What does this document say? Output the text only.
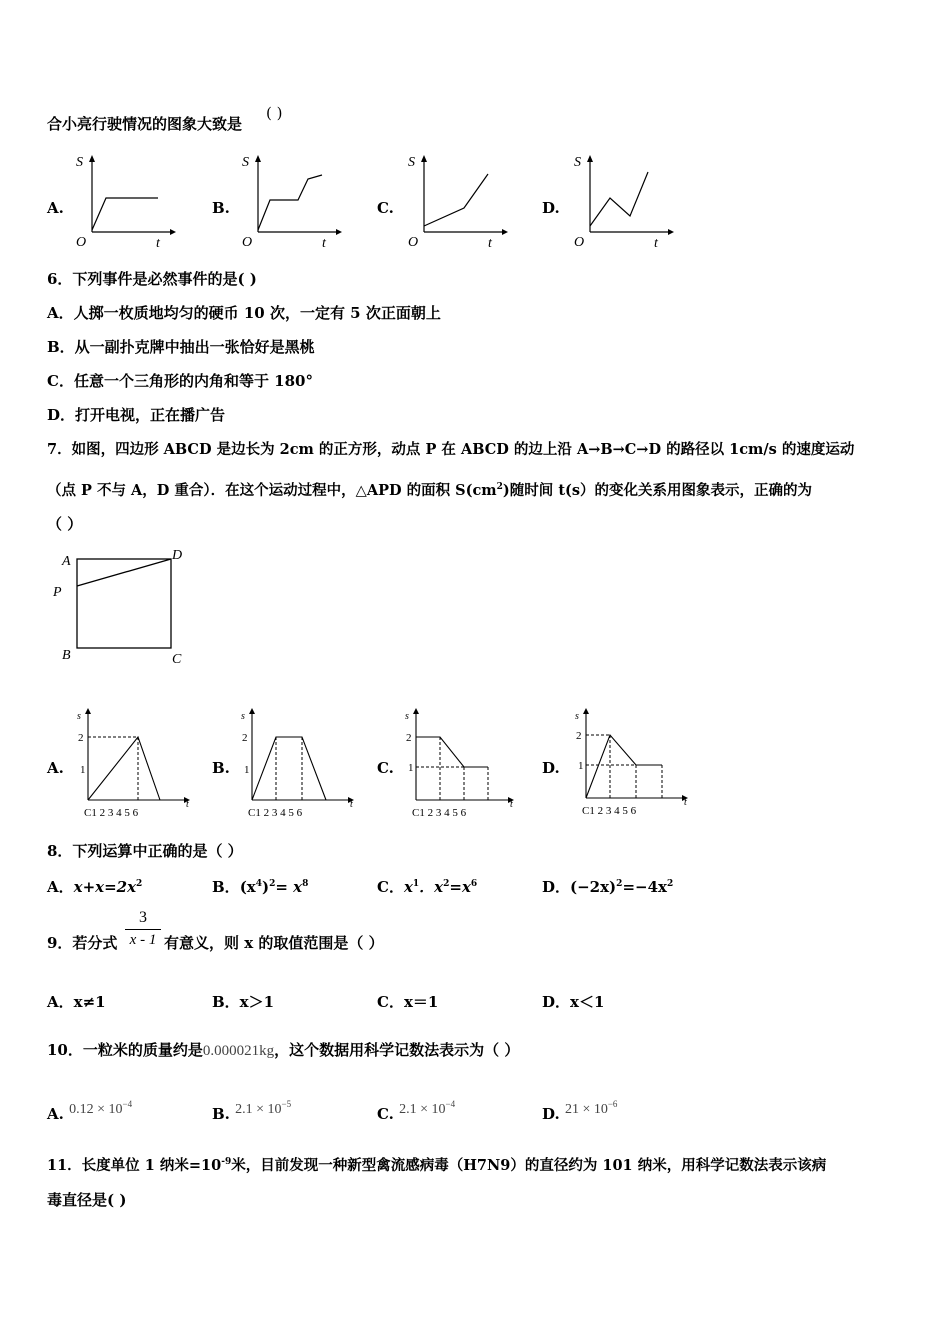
合小亮行驶情况的图象大致是
( )
A.	B.	C.	D.
S
t
O
S
t
O
S
t
O
S
t
O
6．下列事件是必然事件的是( )
A．人掷一枚质地均匀的硬币 10 次，一定有 5 次正面朝上
B．从一副扑克牌中抽出一张恰好是黑桃
C．任意一个三角形的内角和等于 180°
D．打开电视，正在播广告
7．如图，四边形 ABCD 是边长为 2cm 的正方形，动点 P 在 ABCD 的边上沿 A→B→C→D 的路径以 1cm/s 的速度运动
（点 P 不与 A，D 重合）．在这个运动过程中，△APD 的面积 $S(cm^2)$随时间 t(s）的变化关系用图象表示，正确的为
（ ）
A	D
P
B	C
A.	B.	C.	D.
s
2
1
C1 2 3 4 5 6
t
s
2
1
C1 2 3 4 5 6
t
s
2
1
C1 2 3 4 5 6
t
s
2
1
C1 2 3 4 5 6
t
8．下列运算中正确的是（ ）
A．$x+x=2x^2$	B．$(x^4)^2= x^8$	C．$x^1$．$x^2=x^6$	D．$(-2x)^2=-4x^2$
9．若分式
3
x - 1 有意义，则 x 的取值范围是（ ）
A．x≠1	B．x＞1	C．x＝1	D．x＜1
10．一粒米的质量约是0.000021kg，这个数据用科学记数法表示为（ ）
A. $0.12 \times 10^{-4}$
B. $2.1 \times 10^{-5}$
C. $2.1 \times 10^{-4}$
D. $21 \times 10^{-6}$
11．长度单位 1 纳米$=10^{-9}$米，目前发现一种新型禽流感病毒（H7N9）的直径约为 101 纳米，用科学记数法表示该病
毒直径是( )
